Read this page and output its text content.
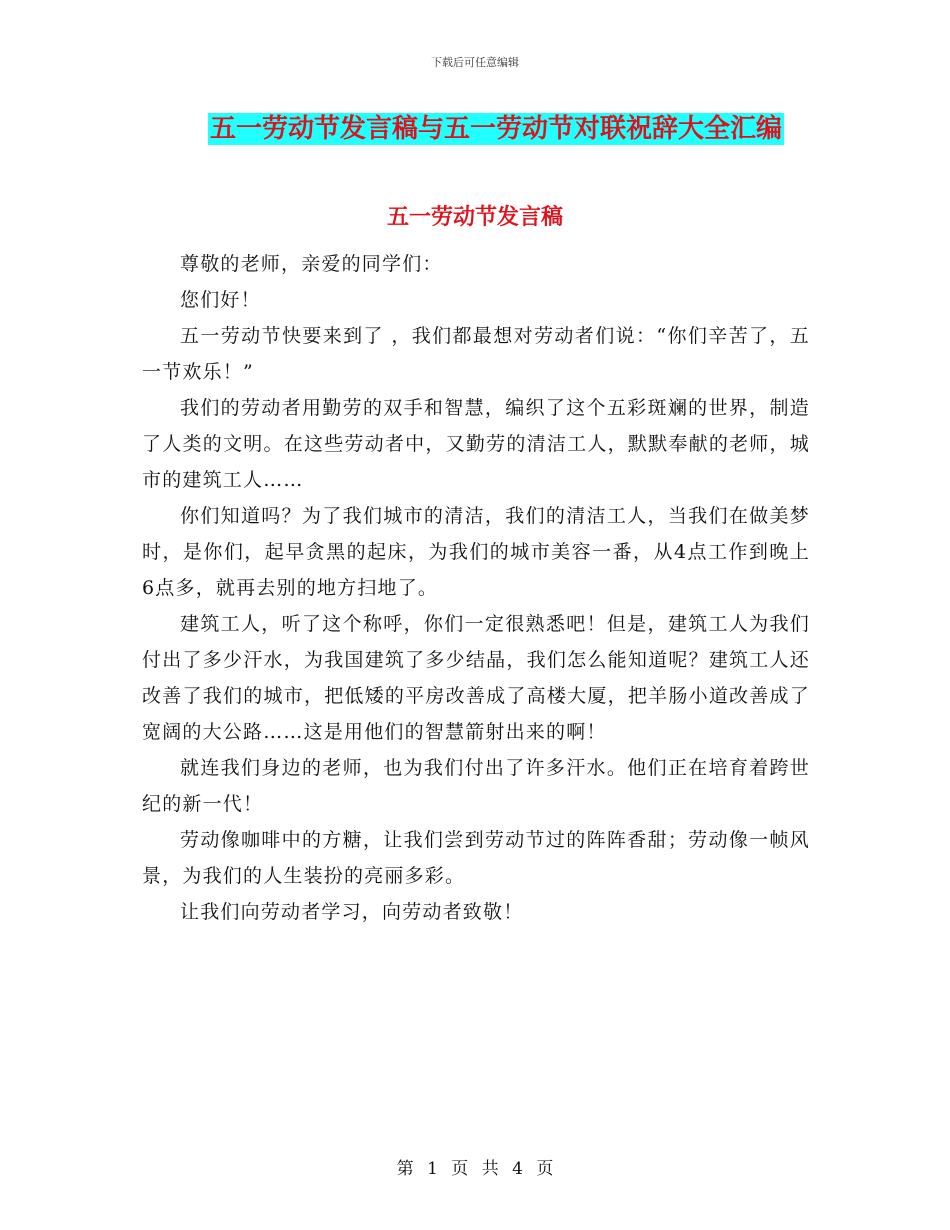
下载后可任意编辑
五一劳动节发言稿与五一劳动节对联祝辞大全汇编
五一劳动节发言稿

尊敬的老师，亲爱的同学们：

您们好！

五一劳动节快要来到了 ，我们都最想对劳动者们说：“你们辛苦了，五一节欢乐！”

我们的劳动者用勤劳的双手和智慧，编织了这个五彩斑斓的世界，制造了人类的文明。在这些劳动者中，又勤劳的清洁工人，默默奉献的老师，城市的建筑工人……

你们知道吗？为了我们城市的清洁，我们的清洁工人，当我们在做美梦时，是你们，起早贪黑的起床，为我们的城市美容一番，从4点工作到晚上6点多，就再去别的地方扫地了。

建筑工人，听了这个称呼，你们一定很熟悉吧！但是，建筑工人为我们付出了多少汗水，为我国建筑了多少结晶，我们怎么能知道呢？建筑工人还改善了我们的城市，把低矮的平房改善成了高楼大厦，把羊肠小道改善成了宽阔的大公路……这是用他们的智慧箭射出来的啊！

就连我们身边的老师，也为我们付出了许多汗水。他们正在培育着跨世纪的新一代！

劳动像咖啡中的方糖，让我们尝到劳动节过的阵阵香甜；劳动像一帧风景，为我们的人生装扮的亮丽多彩。

让我们向劳动者学习，向劳动者致敬！

第 1 页 共 4 页
